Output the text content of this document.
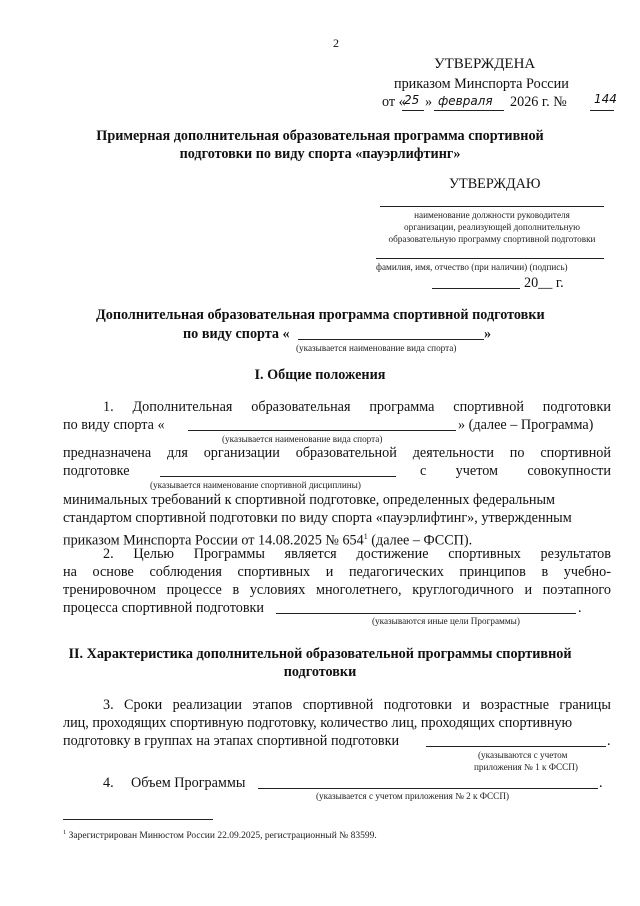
2
УТВЕРЖДЕНА
приказом Минспорта России
от «
25 » февраля 2026 г. № 144
Примерная дополнительная образовательная программа спортивной
подготовки по виду спорта «пауэрлифтинг»
УТВЕРЖДАЮ
наименование должности руководителя
организации, реализующей дополнительную
образовательную программу спортивной подготовки
фамилия, имя, отчество (при наличии) (подпись)
20__ г.
Дополнительная образовательная программа спортивной подготовки
по виду спорта «	»
(указывается наименование вида спорта)
I. Общие положения
1. Дополнительная образовательная программа спортивной подготовки
по виду спорта «	» (далее – Программа)
(указывается наименование вида спорта)
предназначена для организации образовательной деятельности по спортивной
подготовке	с учетом совокупности
(указывается наименование спортивной дисциплины)
минимальных требований к спортивной подготовке, определенных федеральным
стандартом спортивной подготовки по виду спорта «пауэрлифтинг», утвержденным
приказом Минспорта России от 14.08.2025 № $654^1$ (далее – ФССП).
2. Целью Программы является достижение спортивных результатов
на основе соблюдения спортивных и педагогических принципов в учебно-
тренировочном процессе в условиях многолетнего, круглогодичного и поэтапного
процесса спортивной подготовки	.
(указываются иные цели Программы)
II. Характеристика дополнительной образовательной программы спортивной
подготовки
3. Сроки реализации этапов спортивной подготовки и возрастные границы
лиц, проходящих спортивную подготовку, количество лиц, проходящих спортивную
подготовку в группах на этапах спортивной подготовки	.
(указываются с учетом
приложения № 1 к ФССП)
4. Объем Программы	.
(указывается с учетом приложения № 2 к ФССП)
$^1$ Зарегистрирован Минюстом России 22.09.2025, регистрационный № 83599.
